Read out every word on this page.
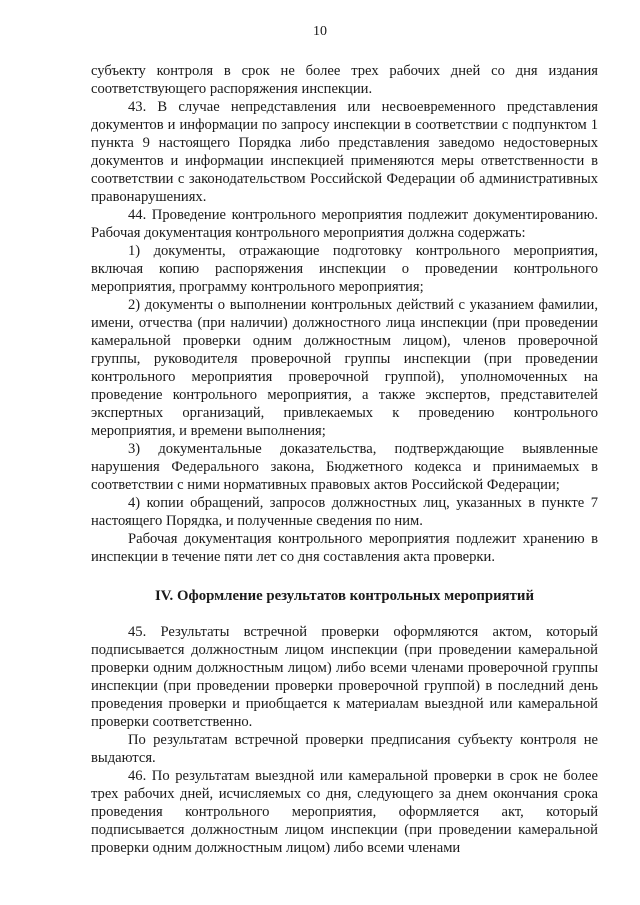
10

субъекту контроля в срок не более трех рабочих дней со дня издания соответствующего распоряжения инспекции.

43. В случае непредставления или несвоевременного представления документов и информации по запросу инспекции в соответствии с подпунктом 1 пункта 9 настоящего Порядка либо представления заведомо недостоверных документов и информации инспекцией применяются меры ответственности в соответствии с законодательством Российской Федерации об административных правонарушениях.

44. Проведение контрольного мероприятия подлежит документированию. Рабочая документация контрольного мероприятия должна содержать:

1) документы, отражающие подготовку контрольного мероприятия, включая копию распоряжения инспекции о проведении контрольного мероприятия, программу контрольного мероприятия;

2) документы о выполнении контрольных действий с указанием фамилии, имени, отчества (при наличии) должностного лица инспекции (при проведении камеральной проверки одним должностным лицом), членов проверочной группы, руководителя проверочной группы инспекции (при проведении контрольного мероприятия проверочной группой), уполномоченных на проведение контрольного мероприятия, а также экспертов, представителей экспертных организаций, привлекаемых к проведению контрольного мероприятия, и времени выполнения;

3) документальные доказательства, подтверждающие выявленные нарушения Федерального закона, Бюджетного кодекса и принимаемых в соответствии с ними нормативных правовых актов Российской Федерации;

4) копии обращений, запросов должностных лиц, указанных в пункте 7 настоящего Порядка, и полученные сведения по ним.

Рабочая документация контрольного мероприятия подлежит хранению в инспекции в течение пяти лет со дня составления акта проверки.

IV. Оформление результатов контрольных мероприятий

45. Результаты встречной проверки оформляются актом, который подписывается должностным лицом инспекции (при проведении камеральной проверки одним должностным лицом) либо всеми членами проверочной группы инспекции (при проведении проверки проверочной группой) в последний день проведения проверки и приобщается к материалам выездной или камеральной проверки соответственно.

По результатам встречной проверки предписания субъекту контроля не выдаются.

46. По результатам выездной или камеральной проверки в срок не более трех рабочих дней, исчисляемых со дня, следующего за днем окончания срока проведения контрольного мероприятия, оформляется акт, который подписывается должностным лицом инспекции (при проведении камеральной проверки одним должностным лицом) либо всеми членами
